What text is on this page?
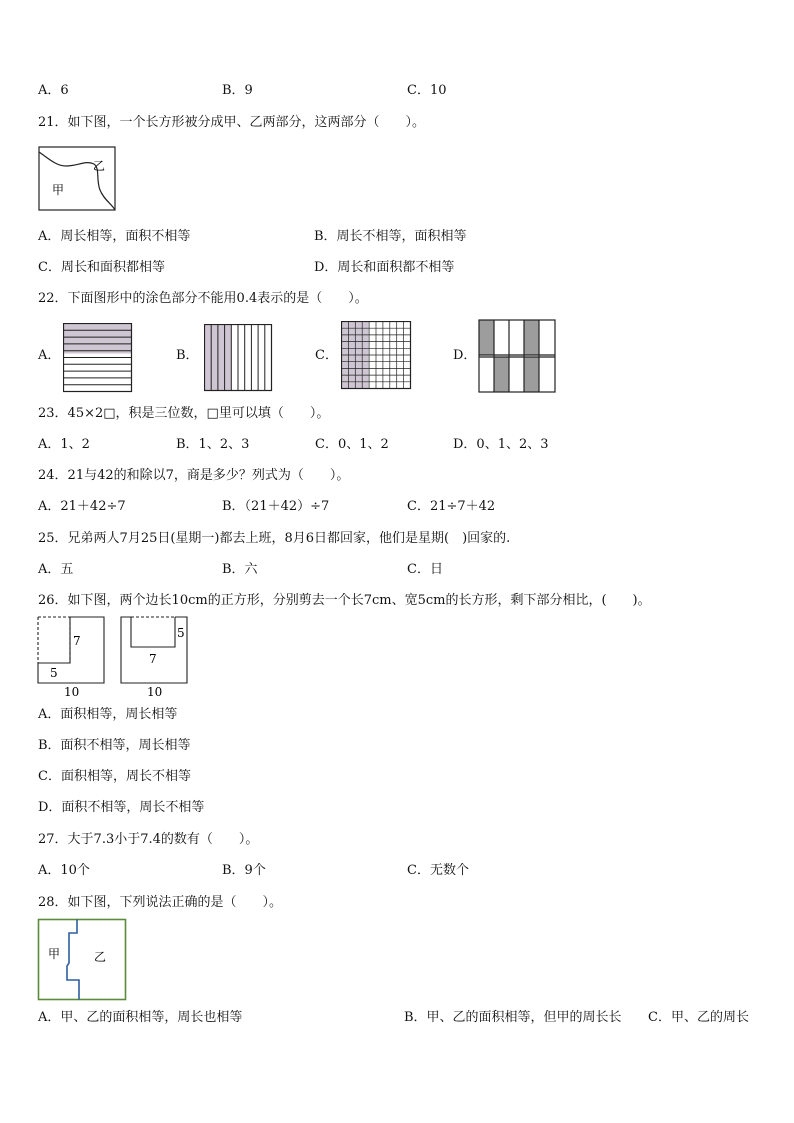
A．6	B．9	C．10
21．如下图，一个长方形被分成甲、乙两部分，这两部分（　　）。
乙
甲
A．周长相等，面积不相等	B．周长不相等，面积相等
C．周长和面积都相等	D．周长和面积都不相等
22．下面图形中的涂色部分不能用0.4表示的是（　　）。
A．	B．	C．	D．
23．45×2□，积是三位数，□里可以填（　　）。
A．1、2	B．1、2、3	C．0、1、2	D．0、1、2、3
24．21与42的和除以7，商是多少？列式为（　　）。
A．21＋42÷7	B．（21＋42）÷7	C．21÷7＋42
25．兄弟两人7月25日(星期一)都去上班，8月6日都回家，他们是星期(　)回家的.
A．五	B．六	C．日
26．如下图，两个边长10cm的正方形，分别剪去一个长7cm、宽5cm的长方形，剩下部分相比，(　　)。
7
5
10
5
7
10
A．面积相等，周长相等
B．面积不相等，周长相等
C．面积相等，周长不相等
D．面积不相等，周长不相等
27．大于7.3小于7.4的数有（　　）。
A．10个	B．9个	C．无数个
28．如下图，下列说法正确的是（　　）。
甲	乙
A．甲、乙的面积相等，周长也相等	B．甲、乙的面积相等，但甲的周长长 C．甲、乙的周长
